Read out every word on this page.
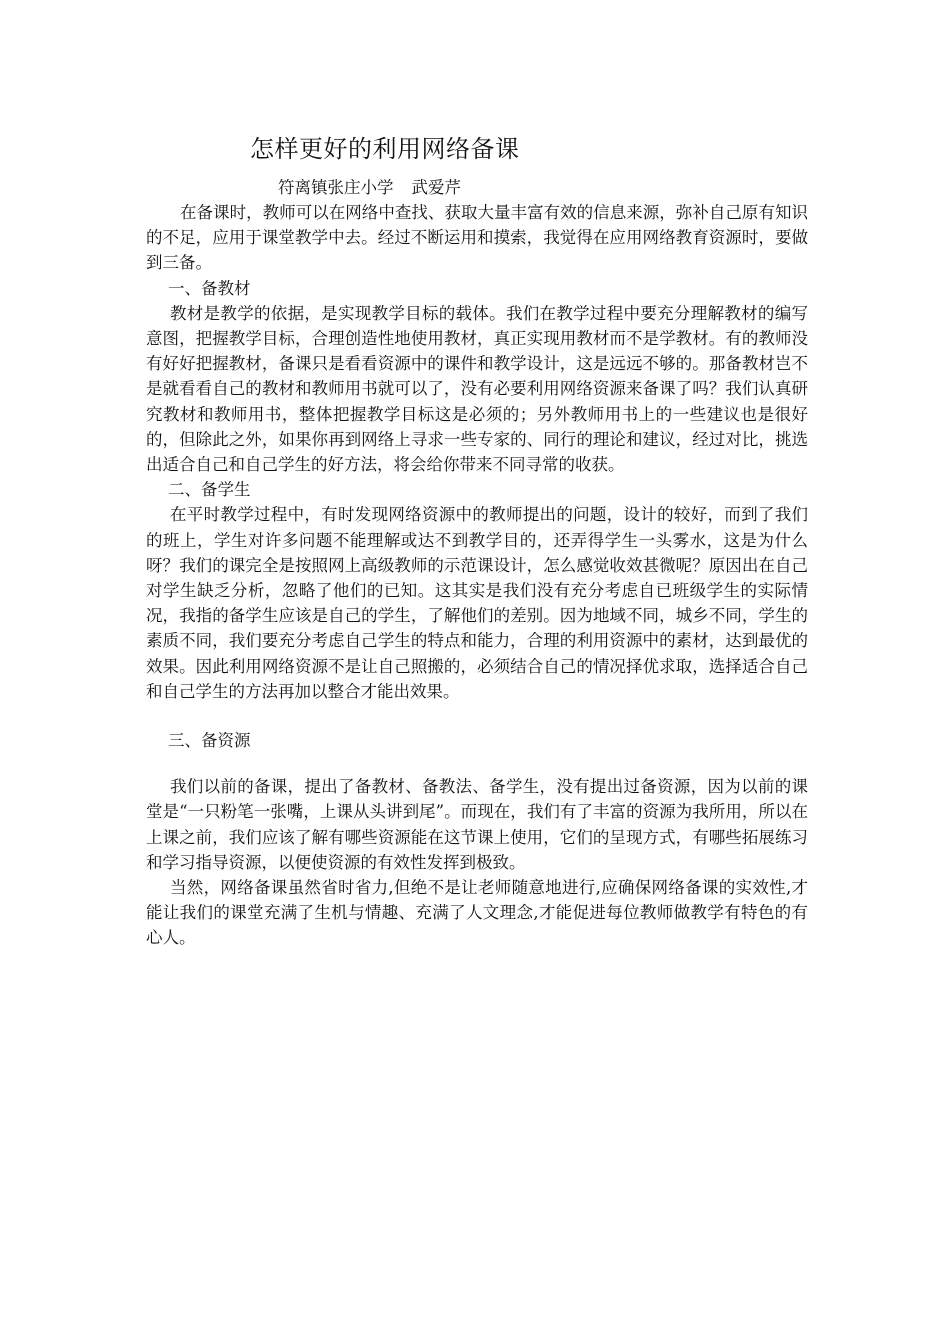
怎样更好的利用网络备课
符离镇张庄小学 武爱芹

在备课时，教师可以在网络中查找、获取大量丰富有效的信息来源，弥补自己原有知识的不足，应用于课堂教学中去。经过不断运用和摸索，我觉得在应用网络教育资源时，要做到三备。

一、备教材

教材是教学的依据，是实现教学目标的载体。我们在教学过程中要充分理解教材的编写意图，把握教学目标，合理创造性地使用教材，真正实现用教材而不是学教材。有的教师没有好好把握教材，备课只是看看资源中的课件和教学设计，这是远远不够的。那备教材岂不是就看看自己的教材和教师用书就可以了，没有必要利用网络资源来备课了吗？我们认真研究教材和教师用书，整体把握教学目标这是必须的；另外教师用书上的一些建议也是很好的，但除此之外，如果你再到网络上寻求一些专家的、同行的理论和建议，经过对比，挑选出适合自己和自己学生的好方法，将会给你带来不同寻常的收获。

二、备学生

在平时教学过程中，有时发现网络资源中的教师提出的问题，设计的较好，而到了我们的班上，学生对许多问题不能理解或达不到教学目的，还弄得学生一头雾水，这是为什么呀？我们的课完全是按照网上高级教师的示范课设计，怎么感觉收效甚微呢？原因出在自己对学生缺乏分析，忽略了他们的已知。这其实是我们没有充分考虑自已班级学生的实际情况，我指的备学生应该是自己的学生，了解他们的差别。因为地域不同，城乡不同，学生的素质不同，我们要充分考虑自己学生的特点和能力，合理的利用资源中的素材，达到最优的效果。因此利用网络资源不是让自己照搬的，必须结合自己的情况择优求取，选择适合自己和自己学生的方法再加以整合才能出效果。

三、备资源

我们以前的备课，提出了备教材、备教法、备学生，没有提出过备资源，因为以前的课堂是“一只粉笔一张嘴，上课从头讲到尾”。而现在，我们有了丰富的资源为我所用，所以在上课之前，我们应该了解有哪些资源能在这节课上使用，它们的呈现方式，有哪些拓展练习和学习指导资源，以便使资源的有效性发挥到极致。

当然，网络备课虽然省时省力,但绝不是让老师随意地进行,应确保网络备课的实效性,才能让我们的课堂充满了生机与情趣、充满了人文理念,才能促进每位教师做教学有特色的有心人。
